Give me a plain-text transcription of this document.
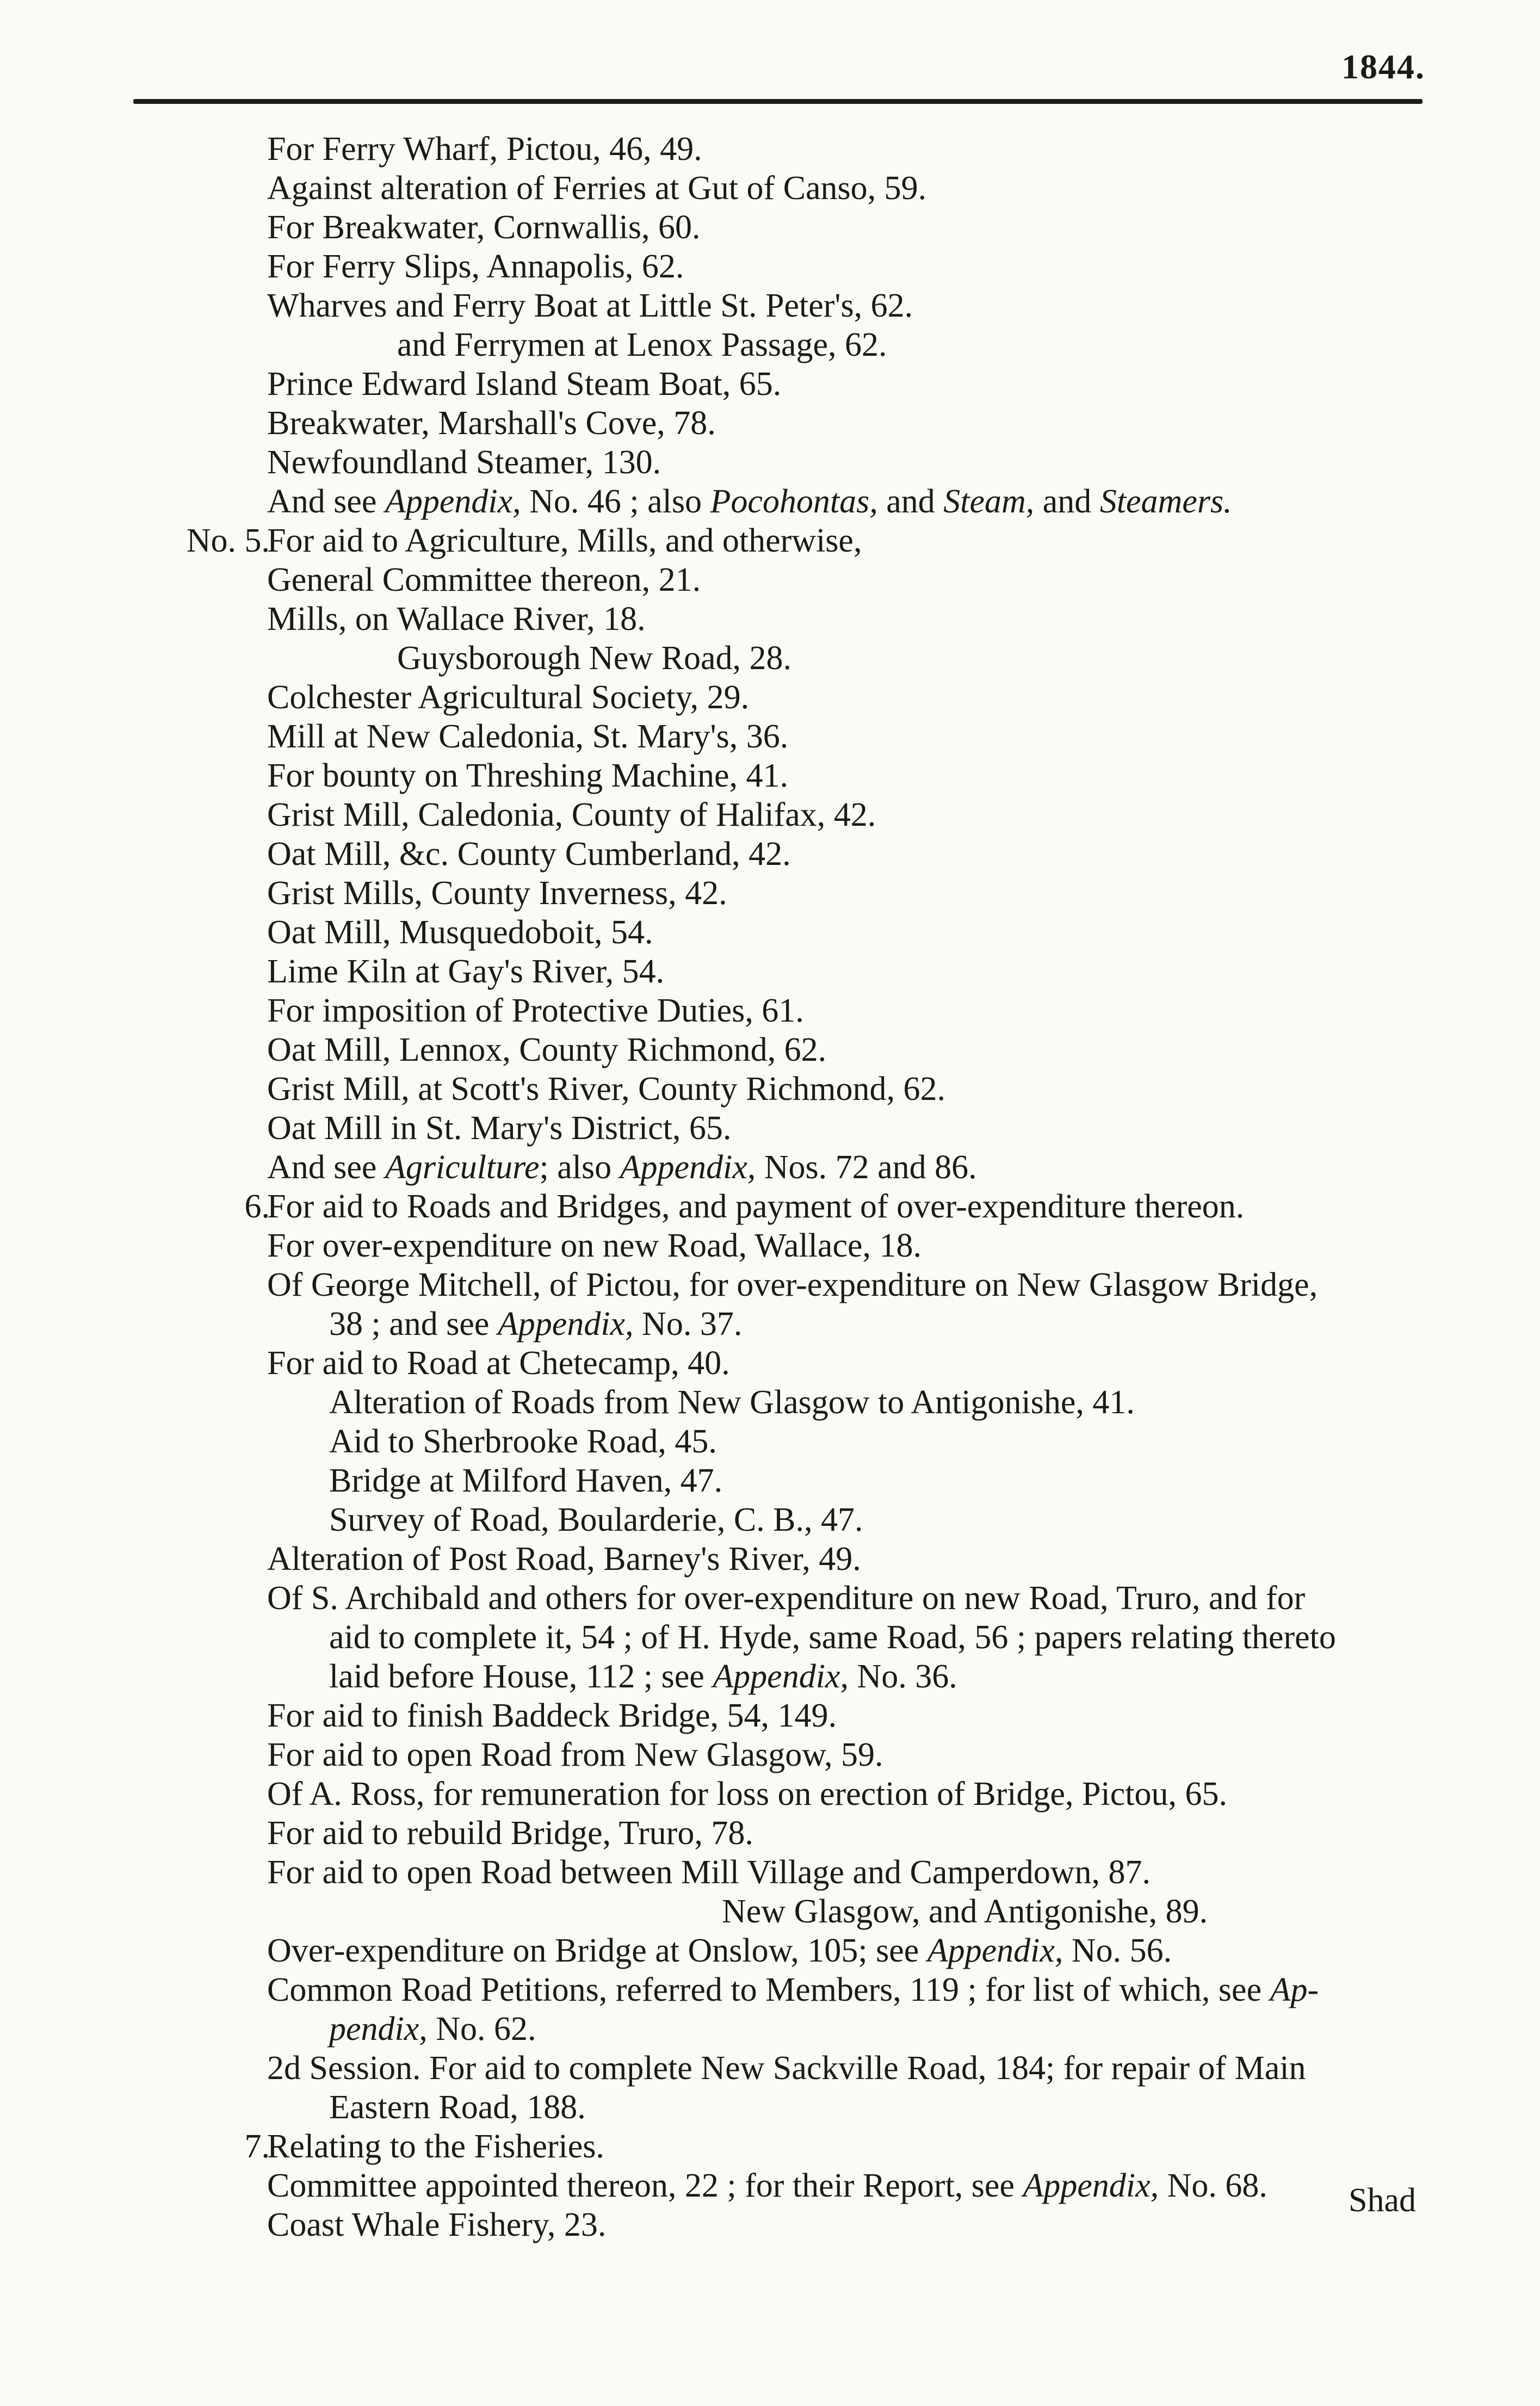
1844.
For Ferry Wharf, Pictou, 46, 49.
Against alteration of Ferries at Gut of Canso, 59.
For Breakwater, Cornwallis, 60.
For Ferry Slips, Annapolis, 62.
Wharves and Ferry Boat at Little St. Peter's, 62.
and Ferrymen at Lenox Passage, 62.
Prince Edward Island Steam Boat, 65.
Breakwater, Marshall's Cove, 78.
Newfoundland Steamer, 130.
And see Appendix, No. 46 ; also Pocohontas, and Steam, and Steamers.
No. 5.
For aid to Agriculture, Mills, and otherwise,
General Committee thereon, 21.
Mills, on Wallace River, 18.
Guysborough New Road, 28.
Colchester Agricultural Society, 29.
Mill at New Caledonia, St. Mary's, 36.
For bounty on Threshing Machine, 41.
Grist Mill, Caledonia, County of Halifax, 42.
Oat Mill, &c. County Cumberland, 42.
Grist Mills, County Inverness, 42.
Oat Mill, Musquedoboit, 54.
Lime Kiln at Gay's River, 54.
For imposition of Protective Duties, 61.
Oat Mill, Lennox, County Richmond, 62.
Grist Mill, at Scott's River, County Richmond, 62.
Oat Mill in St. Mary's District, 65.
And see Agriculture; also Appendix, Nos. 72 and 86.
6.
For aid to Roads and Bridges, and payment of over-expenditure thereon.
For over-expenditure on new Road, Wallace, 18.
Of George Mitchell, of Pictou, for over-expenditure on New Glasgow Bridge,
38 ; and see Appendix, No. 37.
For aid to Road at Chetecamp, 40.
Alteration of Roads from New Glasgow to Antigonishe, 41.
Aid to Sherbrooke Road, 45.
Bridge at Milford Haven, 47.
Survey of Road, Boularderie, C. B., 47.
Alteration of Post Road, Barney's River, 49.
Of S. Archibald and others for over-expenditure on new Road, Truro, and for
aid to complete it, 54 ; of H. Hyde, same Road, 56 ; papers relating thereto
laid before House, 112 ; see Appendix, No. 36.
For aid to finish Baddeck Bridge, 54, 149.
For aid to open Road from New Glasgow, 59.
Of A. Ross, for remuneration for loss on erection of Bridge, Pictou, 65.
For aid to rebuild Bridge, Truro, 78.
For aid to open Road between Mill Village and Camperdown, 87.
New Glasgow, and Antigonishe, 89.
Over-expenditure on Bridge at Onslow, 105; see Appendix, No. 56.
Common Road Petitions, referred to Members, 119 ; for list of which, see Ap-
pendix, No. 62.
2d Session. For aid to complete New Sackville Road, 184; for repair of Main
Eastern Road, 188.
7.
Relating to the Fisheries.
Committee appointed thereon, 22 ; for their Report, see Appendix, No. 68.
Coast Whale Fishery, 23.
Shad
